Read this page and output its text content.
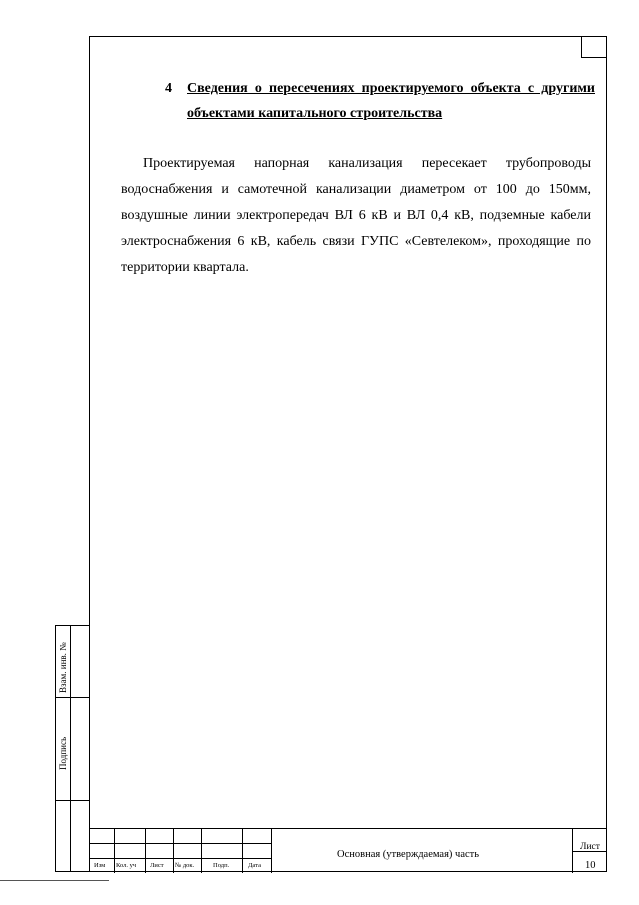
4 Сведения о пересечениях проектируемого объекта с другими объектами капитального строительства
Проектируемая напорная канализация пересекает трубопроводы водоснабжения и самотечной канализации диаметром от 100 до 150мм, воздушные линии электропередач ВЛ 6 кВ и ВЛ 0,4 кВ, подземные кабели электроснабжения 6 кВ, кабель связи ГУПС «Севтелеком», проходящие по территории квартала.
Взам. инв. №
Подпись
Изм Кол. уч Лист № док.	Подп.	Дата
Основная (утверждаемая) часть
Лист
10
